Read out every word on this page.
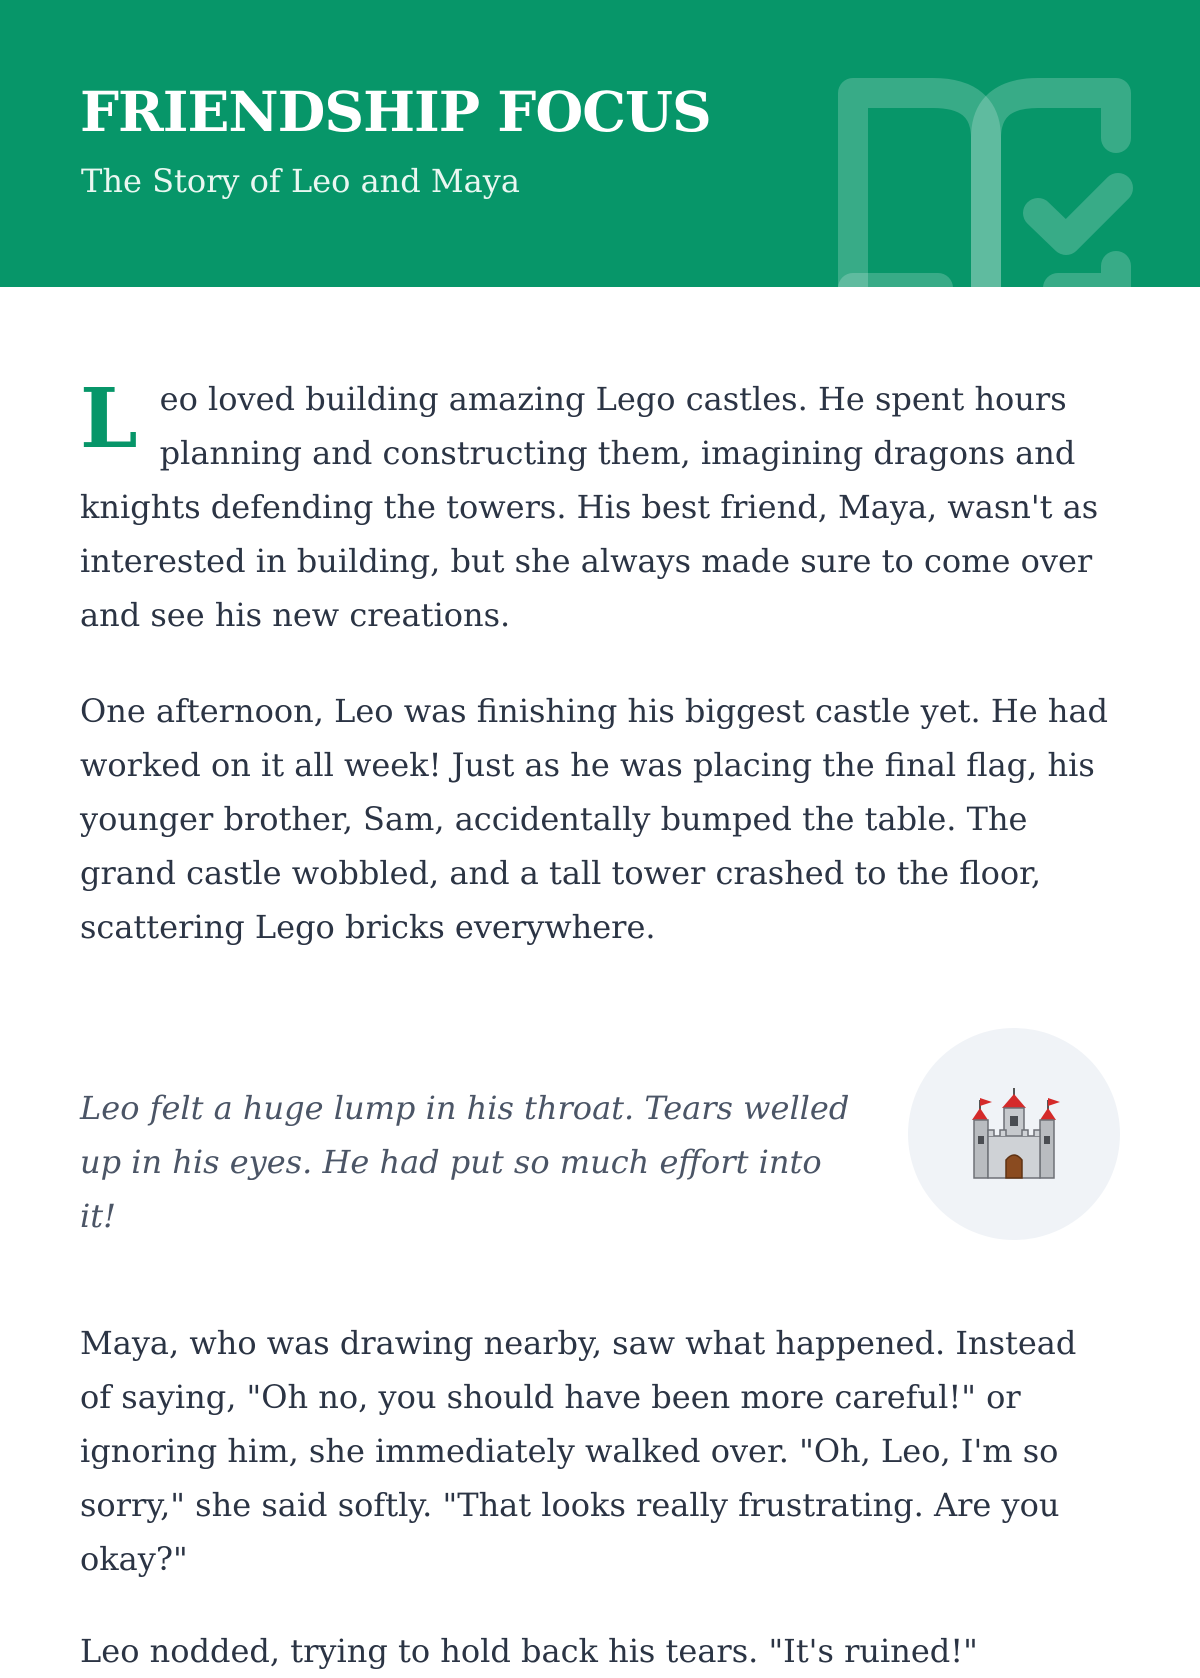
FRIENDSHIP FOCUS

The Story of Leo and Maya

Leo loved building amazing Lego castles. He spent hours planning and constructing them, imagining dragons and knights defending the towers. His best friend, Maya, wasn't as interested in building, but she always made sure to come over and see his new creations.

One afternoon, Leo was finishing his biggest castle yet. He had worked on it all week! Just as he was placing the final flag, his younger brother, Sam, accidentally bumped the table. The grand castle wobbled, and a tall tower crashed to the floor, scattering Lego bricks everywhere.

Leo felt a huge lump in his throat. Tears welled up in his eyes. He had put so much effort into it!

Maya, who was drawing nearby, saw what happened. Instead of saying, "Oh no, you should have been more careful!" or ignoring him, she immediately walked over. "Oh, Leo, I'm so sorry," she said softly. "That looks really frustrating. Are you okay?"

Leo nodded, trying to hold back his tears. "It's ruined!"
